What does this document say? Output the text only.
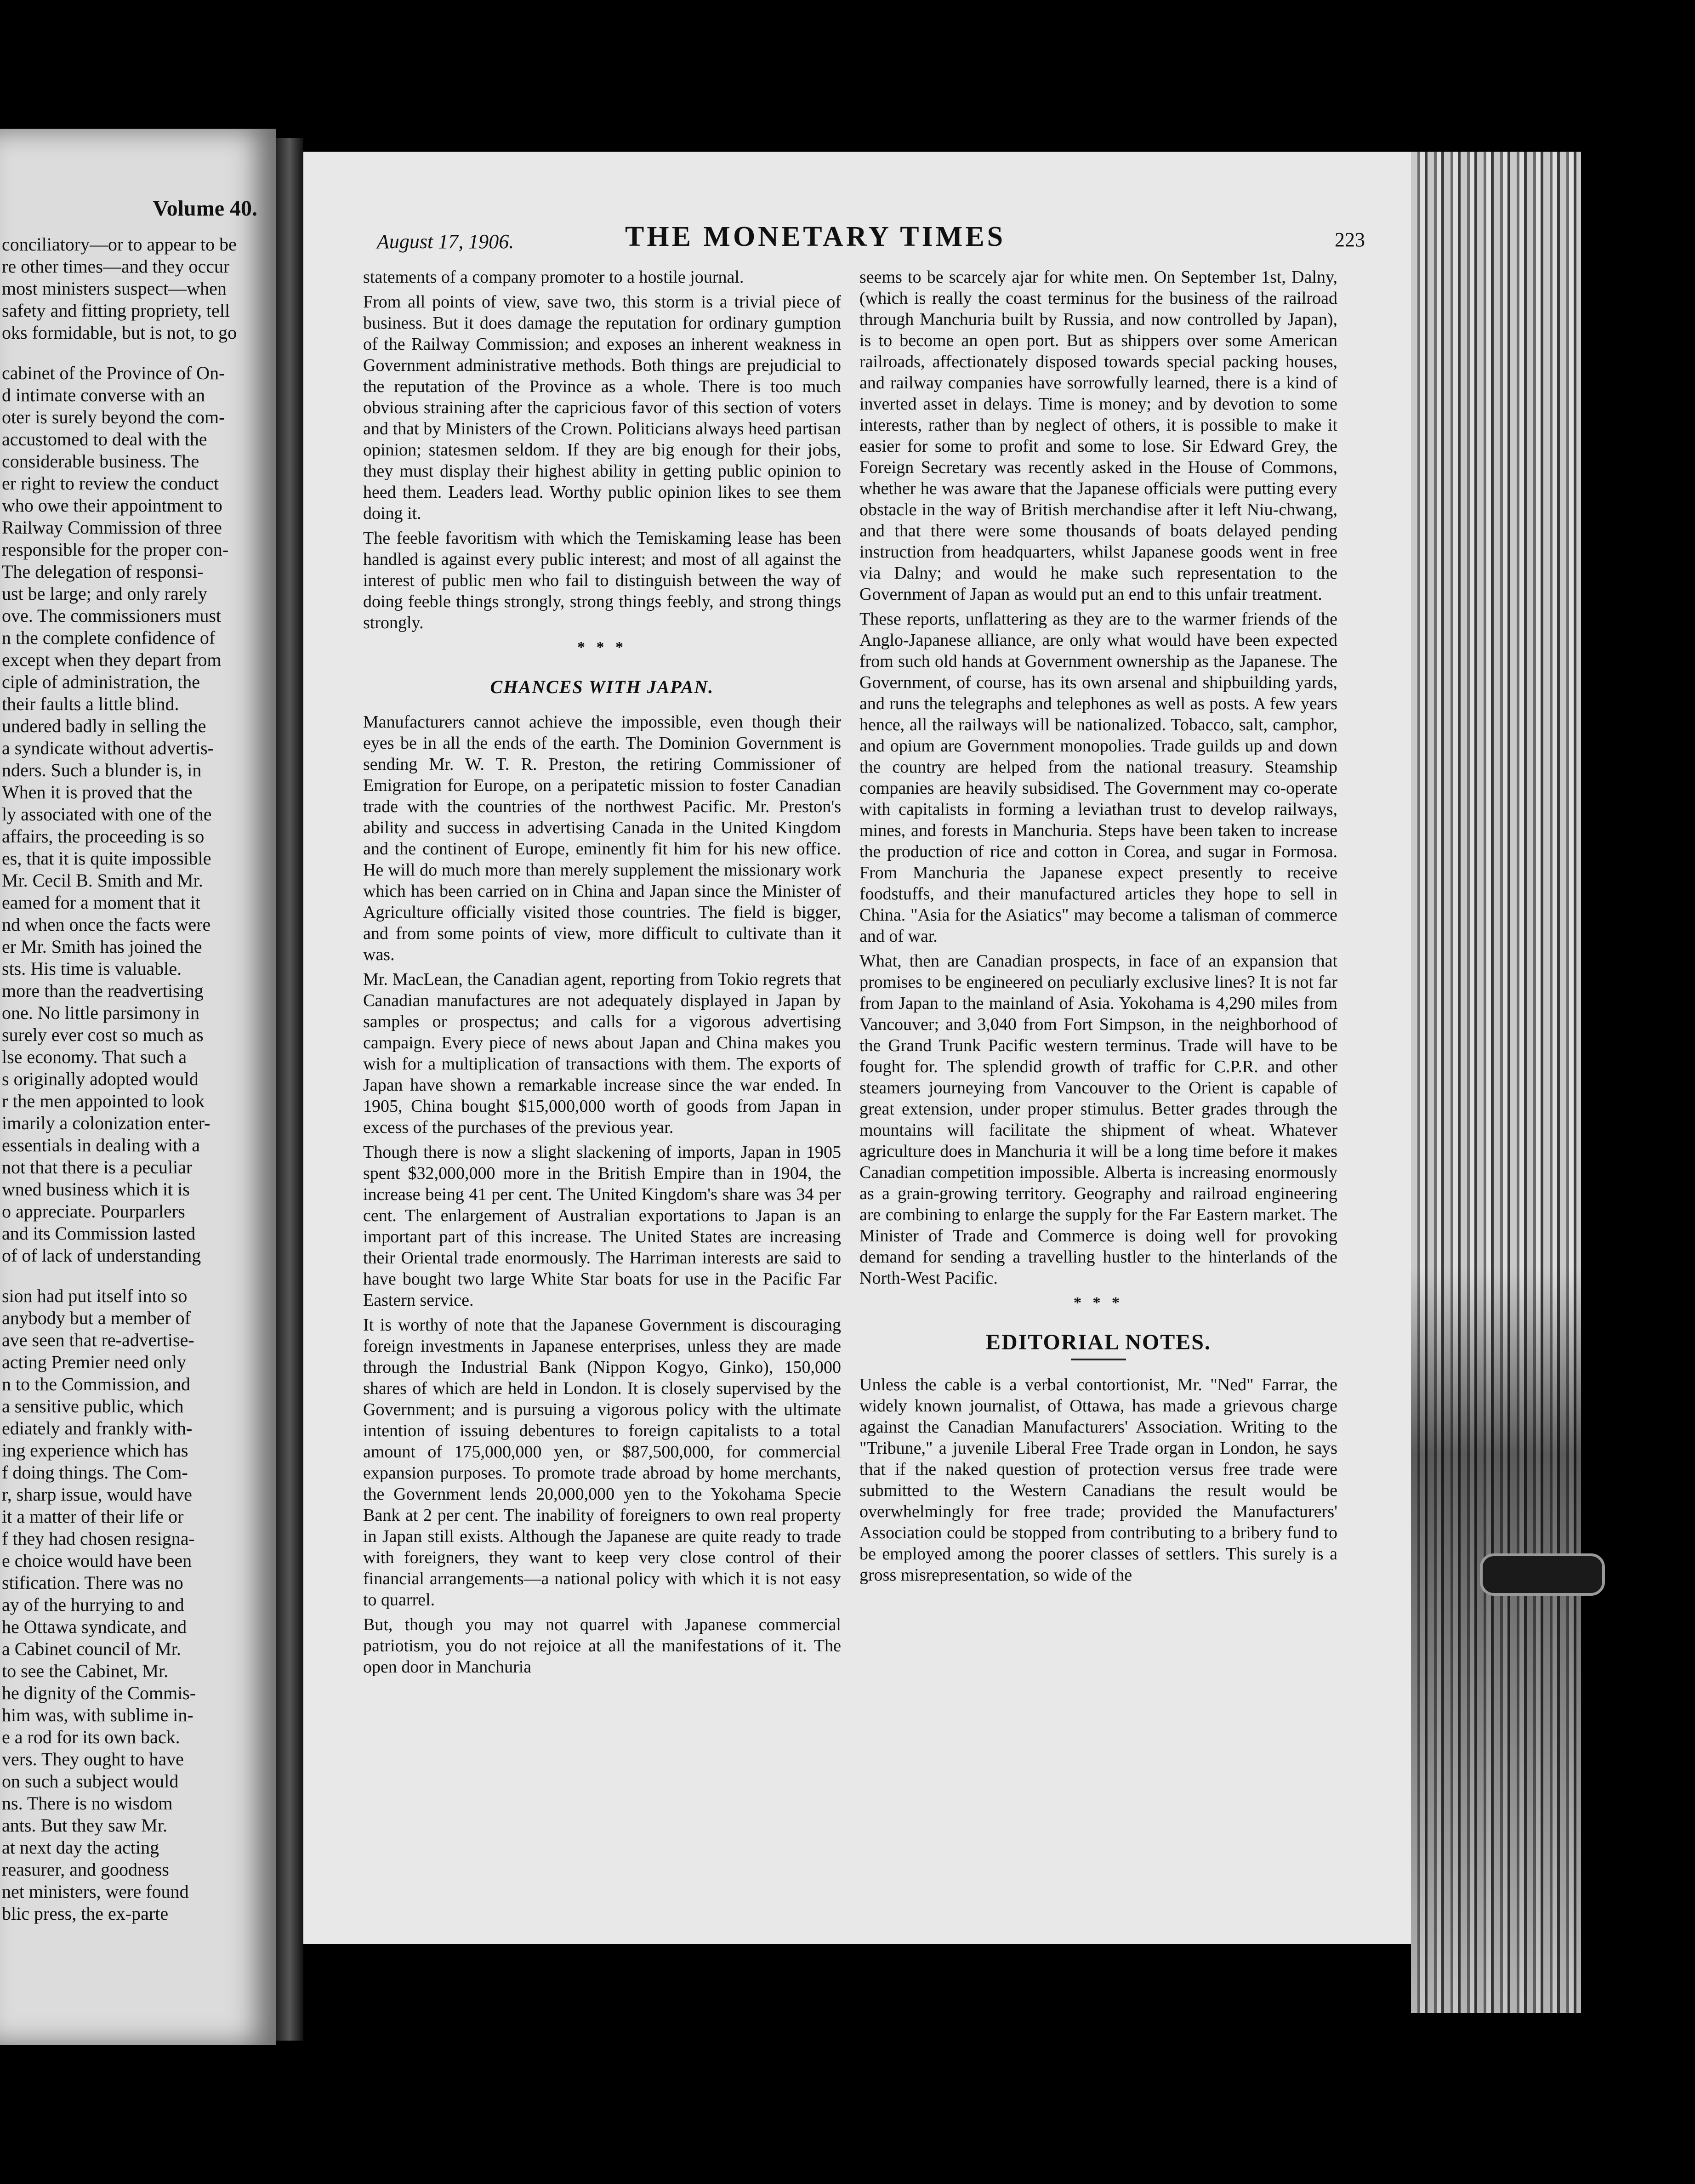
Volume 40.

conciliatory—or to appear to be

re other times—and they occur

most ministers suspect—when

safety and fitting propriety, tell

oks formidable, but is not, to go

cabinet of the Province of On-

d intimate converse with an

oter is surely beyond the com-

accustomed to deal with the

considerable business. The

er right to review the conduct

who owe their appointment to

Railway Commission of three

responsible for the proper con-

The delegation of responsi-

ust be large; and only rarely

ove. The commissioners must

n the complete confidence of

except when they depart from

ciple of administration, the

their faults a little blind.

undered badly in selling the

a syndicate without advertis-

nders. Such a blunder is, in

When it is proved that the

ly associated with one of the

affairs, the proceeding is so

es, that it is quite impossible

Mr. Cecil B. Smith and Mr.

eamed for a moment that it

nd when once the facts were

er Mr. Smith has joined the

sts. His time is valuable.

more than the readvertising

one. No little parsimony in

surely ever cost so much as

lse economy. That such a

s originally adopted would

r the men appointed to look

imarily a colonization enter-

essentials in dealing with a

not that there is a peculiar

wned business which it is

o appreciate. Pourparlers

and its Commission lasted

of of lack of understanding

sion had put itself into so

anybody but a member of

ave seen that re-advertise-

acting Premier need only

n to the Commission, and

a sensitive public, which

ediately and frankly with-

ing experience which has

f doing things. The Com-

r, sharp issue, would have

it a matter of their life or

f they had chosen resigna-

e choice would have been

stification. There was no

ay of the hurrying to and

he Ottawa syndicate, and

a Cabinet council of Mr.

to see the Cabinet, Mr.

he dignity of the Commis-

him was, with sublime in-

e a rod for its own back.

vers. They ought to have

on such a subject would

ns. There is no wisdom

ants. But they saw Mr.

at next day the acting

reasurer, and goodness

net ministers, were found

blic press, the ex-parte

August 17, 1906.	THE MONETARY TIMES	223

statements of a company promoter to a hostile journal.

From all points of view, save two, this storm is a trivial piece of business. But it does damage the reputation for ordinary gumption of the Railway Commission; and exposes an inherent weakness in Government administrative methods. Both things are prejudicial to the reputation of the Province as a whole. There is too much obvious straining after the capricious favor of this section of voters and that by Ministers of the Crown. Politicians always heed partisan opinion; statesmen seldom. If they are big enough for their jobs, they must display their highest ability in getting public opinion to heed them. Leaders lead. Worthy public opinion likes to see them doing it.

The feeble favoritism with which the Temiskaming lease has been handled is against every public interest; and most of all against the interest of public men who fail to distinguish between the way of doing feeble things strongly, strong things feebly, and strong things strongly.

* * *
CHANCES WITH JAPAN.

Manufacturers cannot achieve the impossible, even though their eyes be in all the ends of the earth. The Dominion Government is sending Mr. W. T. R. Preston, the retiring Commissioner of Emigration for Europe, on a peripatetic mission to foster Canadian trade with the countries of the northwest Pacific. Mr. Preston's ability and success in advertising Canada in the United Kingdom and the continent of Europe, eminently fit him for his new office. He will do much more than merely supplement the missionary work which has been carried on in China and Japan since the Minister of Agriculture officially visited those countries. The field is bigger, and from some points of view, more difficult to cultivate than it was.

Mr. MacLean, the Canadian agent, reporting from Tokio regrets that Canadian manufactures are not adequately displayed in Japan by samples or prospectus; and calls for a vigorous advertising campaign. Every piece of news about Japan and China makes you wish for a multiplication of transactions with them. The exports of Japan have shown a remarkable increase since the war ended. In 1905, China bought $15,000,000 worth of goods from Japan in excess of the purchases of the previous year.

Though there is now a slight slackening of imports, Japan in 1905 spent $32,000,000 more in the British Empire than in 1904, the increase being 41 per cent. The United Kingdom's share was 34 per cent. The enlargement of Australian exportations to Japan is an important part of this increase. The United States are increasing their Oriental trade enormously. The Harriman interests are said to have bought two large White Star boats for use in the Pacific Far Eastern service.

It is worthy of note that the Japanese Government is discouraging foreign investments in Japanese enterprises, unless they are made through the Industrial Bank (Nippon Kogyo, Ginko), 150,000 shares of which are held in London. It is closely supervised by the Government; and is pursuing a vigorous policy with the ultimate intention of issuing debentures to foreign capitalists to a total amount of 175,000,000 yen, or $87,500,000, for commercial expansion purposes. To promote trade abroad by home merchants, the Government lends 20,000,000 yen to the Yokohama Specie Bank at 2 per cent. The inability of foreigners to own real property in Japan still exists. Although the Japanese are quite ready to trade with foreigners, they want to keep very close control of their financial arrangements—a national policy with which it is not easy to quarrel.

But, though you may not quarrel with Japanese commercial patriotism, you do not rejoice at all the manifestations of it. The open door in Manchuria

seems to be scarcely ajar for white men. On September 1st, Dalny, (which is really the coast terminus for the business of the railroad through Manchuria built by Russia, and now controlled by Japan), is to become an open port. But as shippers over some American railroads, affectionately disposed towards special packing houses, and railway companies have sorrowfully learned, there is a kind of inverted asset in delays. Time is money; and by devotion to some interests, rather than by neglect of others, it is possible to make it easier for some to profit and some to lose. Sir Edward Grey, the Foreign Secretary was recently asked in the House of Commons, whether he was aware that the Japanese officials were putting every obstacle in the way of British merchandise after it left Niu-chwang, and that there were some thousands of boats delayed pending instruction from headquarters, whilst Japanese goods went in free via Dalny; and would he make such representation to the Government of Japan as would put an end to this unfair treatment.

These reports, unflattering as they are to the warmer friends of the Anglo-Japanese alliance, are only what would have been expected from such old hands at Government ownership as the Japanese. The Government, of course, has its own arsenal and shipbuilding yards, and runs the telegraphs and telephones as well as posts. A few years hence, all the railways will be nationalized. Tobacco, salt, camphor, and opium are Government monopolies. Trade guilds up and down the country are helped from the national treasury. Steamship companies are heavily subsidised. The Government may co-operate with capitalists in forming a leviathan trust to develop railways, mines, and forests in Manchuria. Steps have been taken to increase the production of rice and cotton in Corea, and sugar in Formosa. From Manchuria the Japanese expect presently to receive foodstuffs, and their manufactured articles they hope to sell in China. "Asia for the Asiatics" may become a talisman of commerce and of war.

What, then are Canadian prospects, in face of an expansion that promises to be engineered on peculiarly exclusive lines? It is not far from Japan to the mainland of Asia. Yokohama is 4,290 miles from Vancouver; and 3,040 from Fort Simpson, in the neighborhood of the Grand Trunk Pacific western terminus. Trade will have to be fought for. The splendid growth of traffic for C.P.R. and other steamers journeying from Vancouver to the Orient is capable of great extension, under proper stimulus. Better grades through the mountains will facilitate the shipment of wheat. Whatever agriculture does in Manchuria it will be a long time before it makes Canadian competition impossible. Alberta is increasing enormously as a grain-growing territory. Geography and railroad engineering are combining to enlarge the supply for the Far Eastern market. The Minister of Trade and Commerce is doing well for provoking demand for sending a travelling hustler to the hinterlands of the North-West Pacific.

* * *
EDITORIAL NOTES.

Unless the cable is a verbal contortionist, Mr. "Ned" Farrar, the widely known journalist, of Ottawa, has made a grievous charge against the Canadian Manufacturers' Association. Writing to the "Tribune," a juvenile Liberal Free Trade organ in London, he says that if the naked question of protection versus free trade were submitted to the Western Canadians the result would be overwhelmingly for free trade; provided the Manufacturers' Association could be stopped from contributing to a bribery fund to be employed among the poorer classes of settlers. This surely is a gross misrepresentation, so wide of the
